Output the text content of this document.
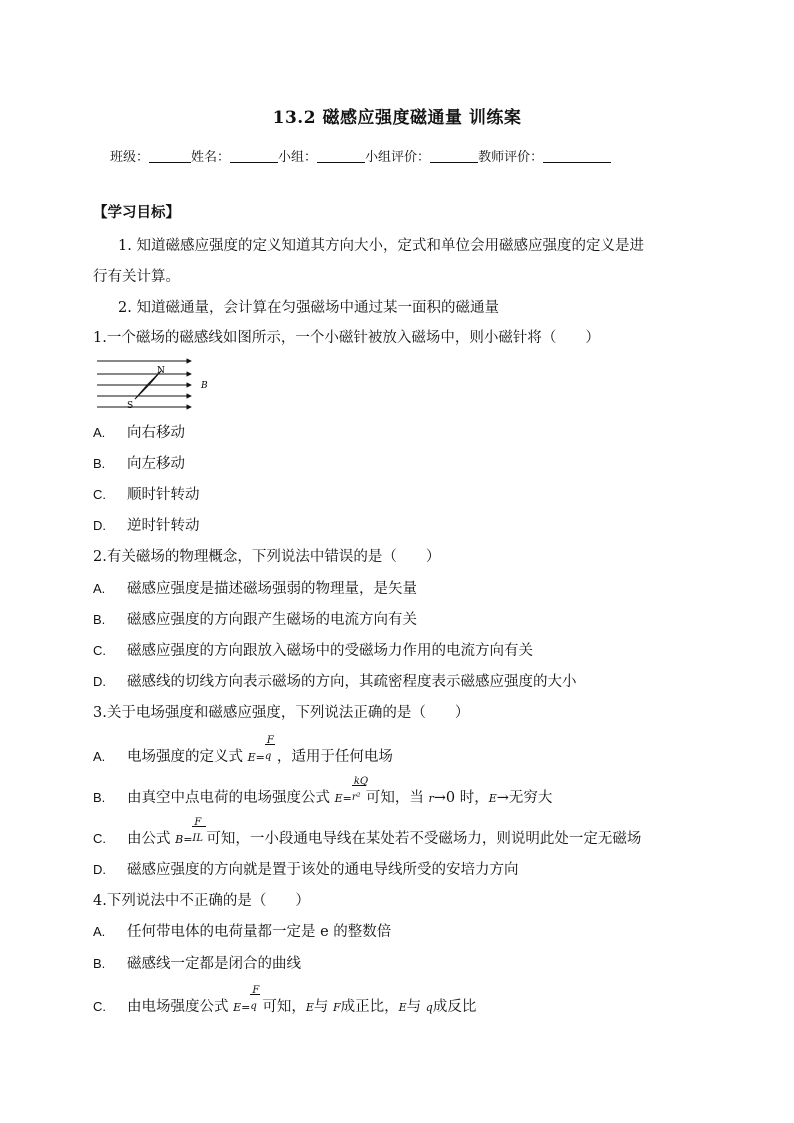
13.2 磁感应强度磁通量 训练案
班级：	姓名：	小组：	小组评价：	教师评价：
【学习目标】
1. 知道磁感应强度的定义知道其方向大小，定式和单位会用磁感应强度的定义是进
行有关计算。
2. 知道磁通量，会计算在匀强磁场中通过某一面积的磁通量
1.一个磁场的磁感线如图所示，一个小磁针被放入磁场中，则小磁针将（　　）
N
S
B
A. 向右移动
B. 向左移动
C. 顺时针转动
D. 逆时针转动
2.有关磁场的物理概念，下列说法中错误的是（　　）
A. 磁感应强度是描述磁场强弱的物理量，是矢量
B. 磁感应强度的方向跟产生磁场的电流方向有关
C. 磁感应强度的方向跟放入磁场中的受磁场力作用的电流方向有关
D. 磁感线的切线方向表示磁场的方向，其疏密程度表示磁感应强度的大小
3.关于电场强度和磁感应强度，下列说法正确的是（　　）
A. 电场强度的定义式 $E= \frac{F}{q}$，适用于任何电场
B. 由真空中点电荷的电场强度公式 $E= \frac{kQ}{\text{r²}}$可知，当 r→0 时，E→无穷大
C. 由公式 $B= \frac{F}{IL}$可知，一小段通电导线在某处若不受磁场力，则说明此处一定无磁场
D. 磁感应强度的方向就是置于该处的通电导线所受的安培力方向
4.下列说法中不正确的是（　　）
A. 任何带电体的电荷量都一定是 e 的整数倍
B. 磁感线一定都是闭合的曲线
C. 由电场强度公式 $E= \frac{F}{q}$可知，E与 F成正比，E与 q成反比
